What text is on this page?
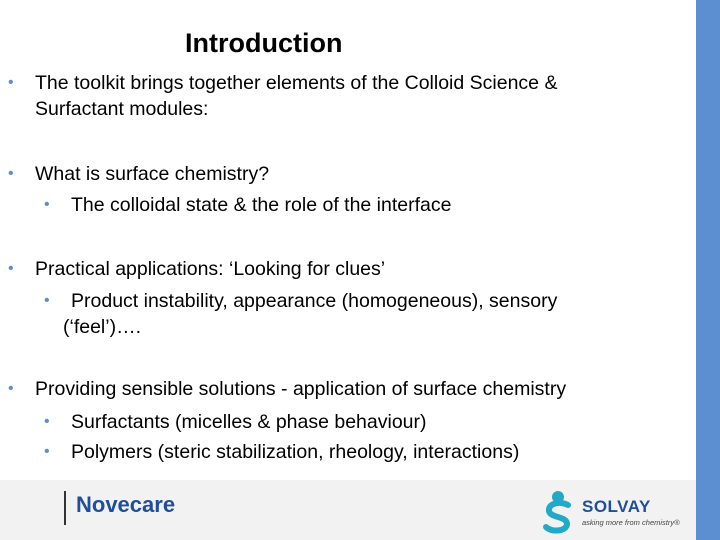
Introduction
• The toolkit brings together elements of the Colloid Science &
Surfactant modules:
• What is surface chemistry?
• The colloidal state & the role of the interface
• Practical applications: ‘Looking for clues’
• Product instability, appearance (homogeneous), sensory
(‘feel’)….
• Providing sensible solutions - application of surface chemistry
• Surfactants (micelles & phase behaviour)
• Polymers (steric stabilization, rheology, interactions)
Novecare	SOLVAY
asking more from chemistry®
